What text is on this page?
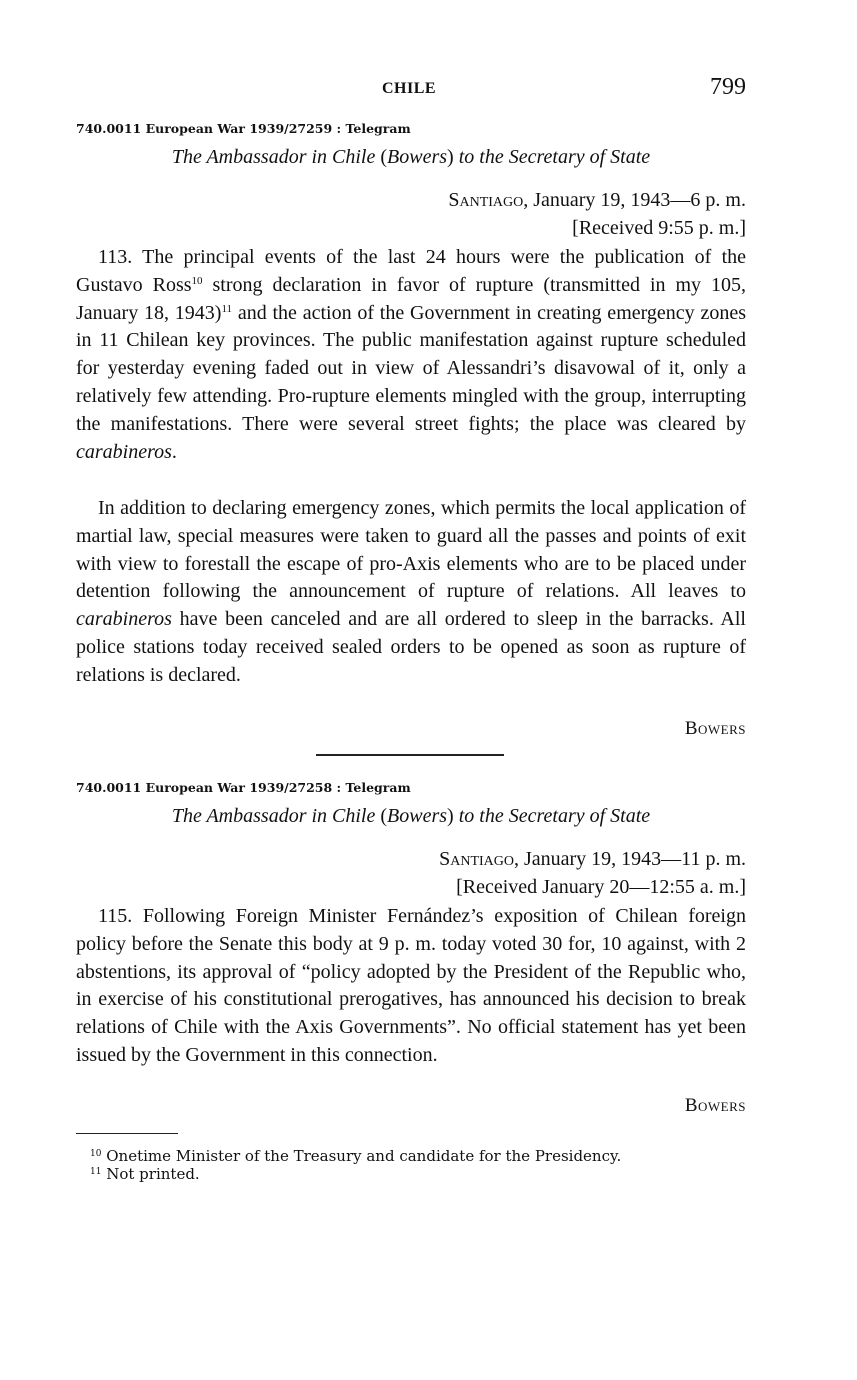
CHILE	799
740.0011 European War 1939/27259 : Telegram
The Ambassador in Chile (Bowers) to the Secretary of State
Santiago, January 19, 1943—6 p. m.
[Received 9:55 p. m.]

113. The principal events of the last 24 hours were the publication of the Gustavo Ross$^{10}$ strong declaration in favor of rupture (transmitted in my 105, January 18, 1943)$^{11}$ and the action of the Government in creating emergency zones in 11 Chilean key provinces. The public manifestation against rupture scheduled for yesterday evening faded out in view of Alessandri’s disavowal of it, only a relatively few attending. Pro-rupture elements mingled with the group, interrupting the manifestations. There were several street fights; the place was cleared by carabineros.

In addition to declaring emergency zones, which permits the local application of martial law, special measures were taken to guard all the passes and points of exit with view to forestall the escape of pro-Axis elements who are to be placed under detention following the announcement of rupture of relations. All leaves to carabineros have been canceled and are all ordered to sleep in the barracks. All police stations today received sealed orders to be opened as soon as rupture of relations is declared.

Bowers
740.0011 European War 1939/27258 : Telegram
The Ambassador in Chile (Bowers) to the Secretary of State
Santiago, January 19, 1943—11 p. m.
[Received January 20—12:55 a. m.]

115. Following Foreign Minister Fernández’s exposition of Chilean foreign policy before the Senate this body at 9 p. m. today voted 30 for, 10 against, with 2 abstentions, its approval of “policy adopted by the President of the Republic who, in exercise of his constitutional prerogatives, has announced his decision to break relations of Chile with the Axis Governments”. No official statement has yet been issued by the Government in this connection.

Bowers

$^{10}$ Onetime Minister of the Treasury and candidate for the Presidency.

$^{11}$ Not printed.
